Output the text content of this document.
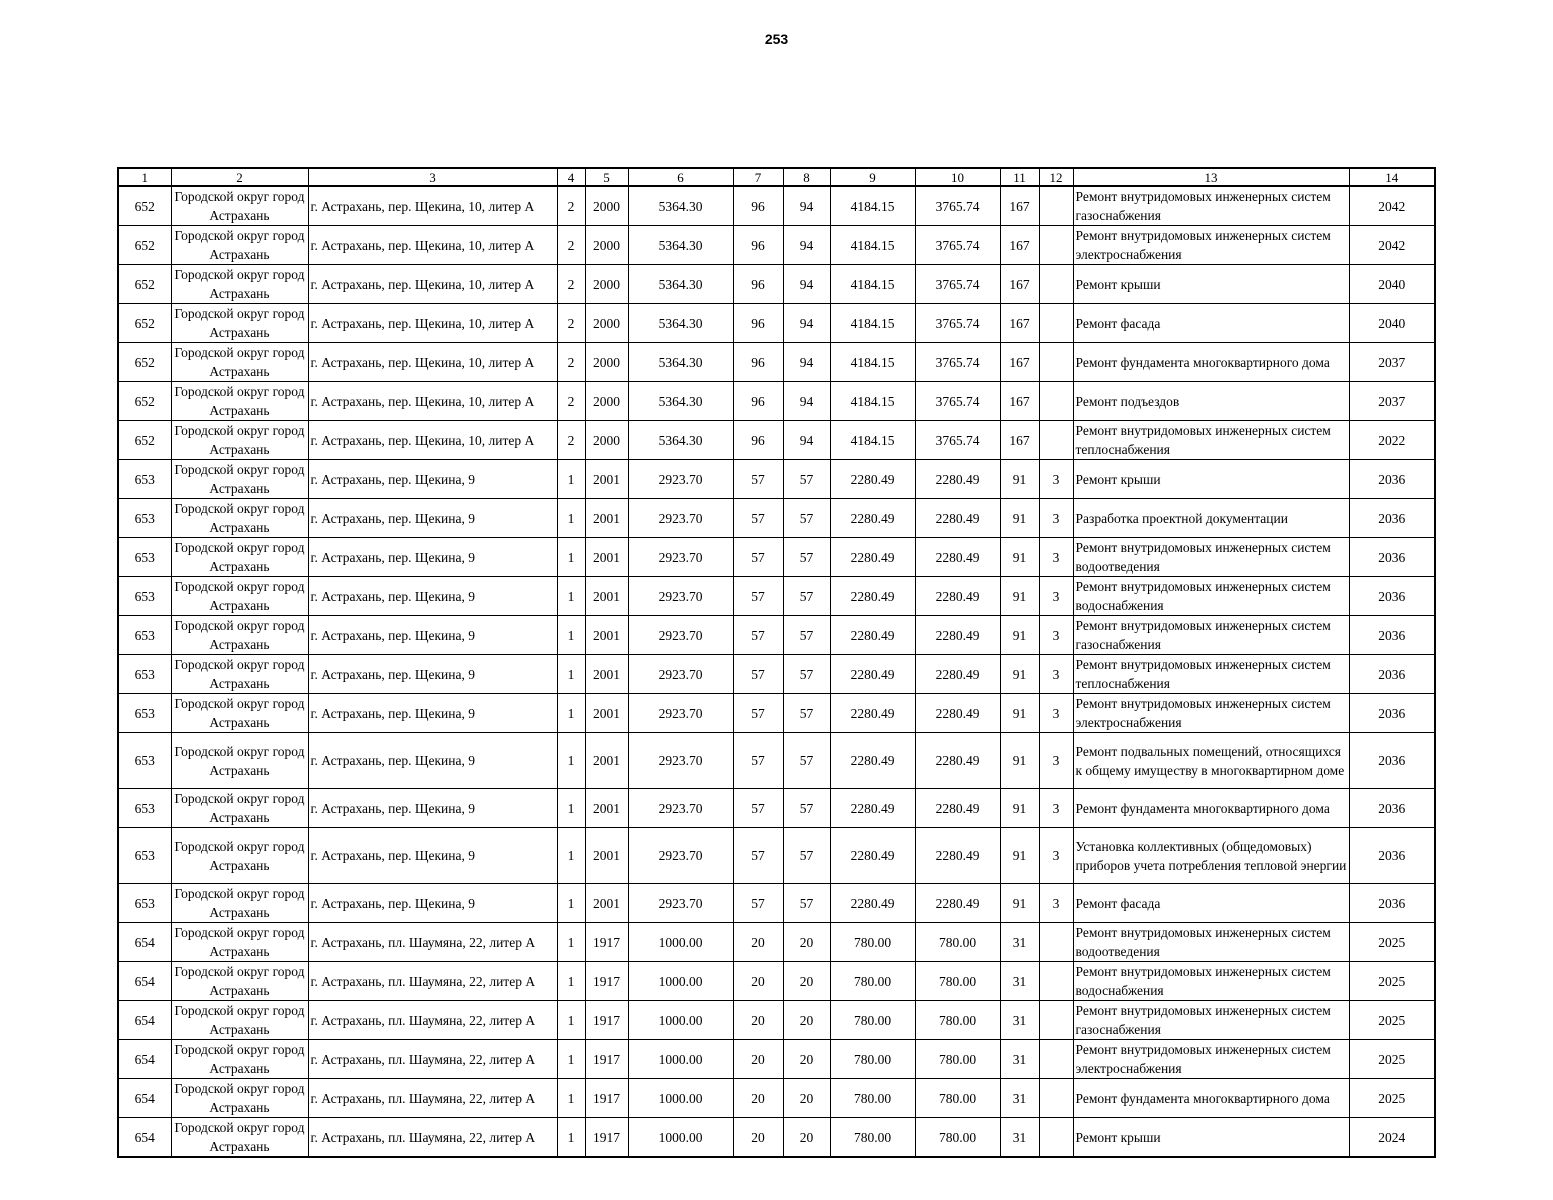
253
1	2	3	4	5	6	7	8	9	10	11	12	13	14
652	Городской округ город Астрахань	г. Астрахань, пер. Щекина, 10, литер А	2	2000	5364.30	96	94	4184.15	3765.74	167		Ремонт внутридомовых инженерных систем газоснабжения	2042
652	Городской округ город Астрахань	г. Астрахань, пер. Щекина, 10, литер А	2	2000	5364.30	96	94	4184.15	3765.74	167		Ремонт внутридомовых инженерных систем электроснабжения	2042
652	Городской округ город Астрахань	г. Астрахань, пер. Щекина, 10, литер А	2	2000	5364.30	96	94	4184.15	3765.74	167		Ремонт крыши	2040
652	Городской округ город Астрахань	г. Астрахань, пер. Щекина, 10, литер А	2	2000	5364.30	96	94	4184.15	3765.74	167		Ремонт фасада	2040
652	Городской округ город Астрахань	г. Астрахань, пер. Щекина, 10, литер А	2	2000	5364.30	96	94	4184.15	3765.74	167		Ремонт фундамента многоквартирного дома	2037
652	Городской округ город Астрахань	г. Астрахань, пер. Щекина, 10, литер А	2	2000	5364.30	96	94	4184.15	3765.74	167		Ремонт подъездов	2037
652	Городской округ город Астрахань	г. Астрахань, пер. Щекина, 10, литер А	2	2000	5364.30	96	94	4184.15	3765.74	167		Ремонт внутридомовых инженерных систем теплоснабжения	2022
653	Городской округ город Астрахань	г. Астрахань, пер. Щекина, 9	1	2001	2923.70	57	57	2280.49	2280.49	91	3	Ремонт крыши	2036
653	Городской округ город Астрахань	г. Астрахань, пер. Щекина, 9	1	2001	2923.70	57	57	2280.49	2280.49	91	3	Разработка проектной документации	2036
653	Городской округ город Астрахань	г. Астрахань, пер. Щекина, 9	1	2001	2923.70	57	57	2280.49	2280.49	91	3	Ремонт внутридомовых инженерных систем водоотведения	2036
653	Городской округ город Астрахань	г. Астрахань, пер. Щекина, 9	1	2001	2923.70	57	57	2280.49	2280.49	91	3	Ремонт внутридомовых инженерных систем водоснабжения	2036
653	Городской округ город Астрахань	г. Астрахань, пер. Щекина, 9	1	2001	2923.70	57	57	2280.49	2280.49	91	3	Ремонт внутридомовых инженерных систем газоснабжения	2036
653	Городской округ город Астрахань	г. Астрахань, пер. Щекина, 9	1	2001	2923.70	57	57	2280.49	2280.49	91	3	Ремонт внутридомовых инженерных систем теплоснабжения	2036
653	Городской округ город Астрахань	г. Астрахань, пер. Щекина, 9	1	2001	2923.70	57	57	2280.49	2280.49	91	3	Ремонт внутридомовых инженерных систем электроснабжения	2036
653	Городской округ город Астрахань	г. Астрахань, пер. Щекина, 9	1	2001	2923.70	57	57	2280.49	2280.49	91	3	Ремонт подвальных помещений, относящихся к общему имуществу в многоквартирном доме	2036
653	Городской округ город Астрахань	г. Астрахань, пер. Щекина, 9	1	2001	2923.70	57	57	2280.49	2280.49	91	3	Ремонт фундамента многоквартирного дома	2036
653	Городской округ город Астрахань	г. Астрахань, пер. Щекина, 9	1	2001	2923.70	57	57	2280.49	2280.49	91	3	Установка коллективных (общедомовых) приборов учета потребления тепловой энергии	2036
653	Городской округ город Астрахань	г. Астрахань, пер. Щекина, 9	1	2001	2923.70	57	57	2280.49	2280.49	91	3	Ремонт фасада	2036
654	Городской округ город Астрахань	г. Астрахань, пл. Шаумяна, 22, литер А	1	1917	1000.00	20	20	780.00	780.00	31		Ремонт внутридомовых инженерных систем водоотведения	2025
654	Городской округ город Астрахань	г. Астрахань, пл. Шаумяна, 22, литер А	1	1917	1000.00	20	20	780.00	780.00	31		Ремонт внутридомовых инженерных систем водоснабжения	2025
654	Городской округ город Астрахань	г. Астрахань, пл. Шаумяна, 22, литер А	1	1917	1000.00	20	20	780.00	780.00	31		Ремонт внутридомовых инженерных систем газоснабжения	2025
654	Городской округ город Астрахань	г. Астрахань, пл. Шаумяна, 22, литер А	1	1917	1000.00	20	20	780.00	780.00	31		Ремонт внутридомовых инженерных систем электроснабжения	2025
654	Городской округ город Астрахань	г. Астрахань, пл. Шаумяна, 22, литер А	1	1917	1000.00	20	20	780.00	780.00	31		Ремонт фундамента многоквартирного дома	2025
654	Городской округ город Астрахань	г. Астрахань, пл. Шаумяна, 22, литер А	1	1917	1000.00	20	20	780.00	780.00	31		Ремонт крыши	2024
